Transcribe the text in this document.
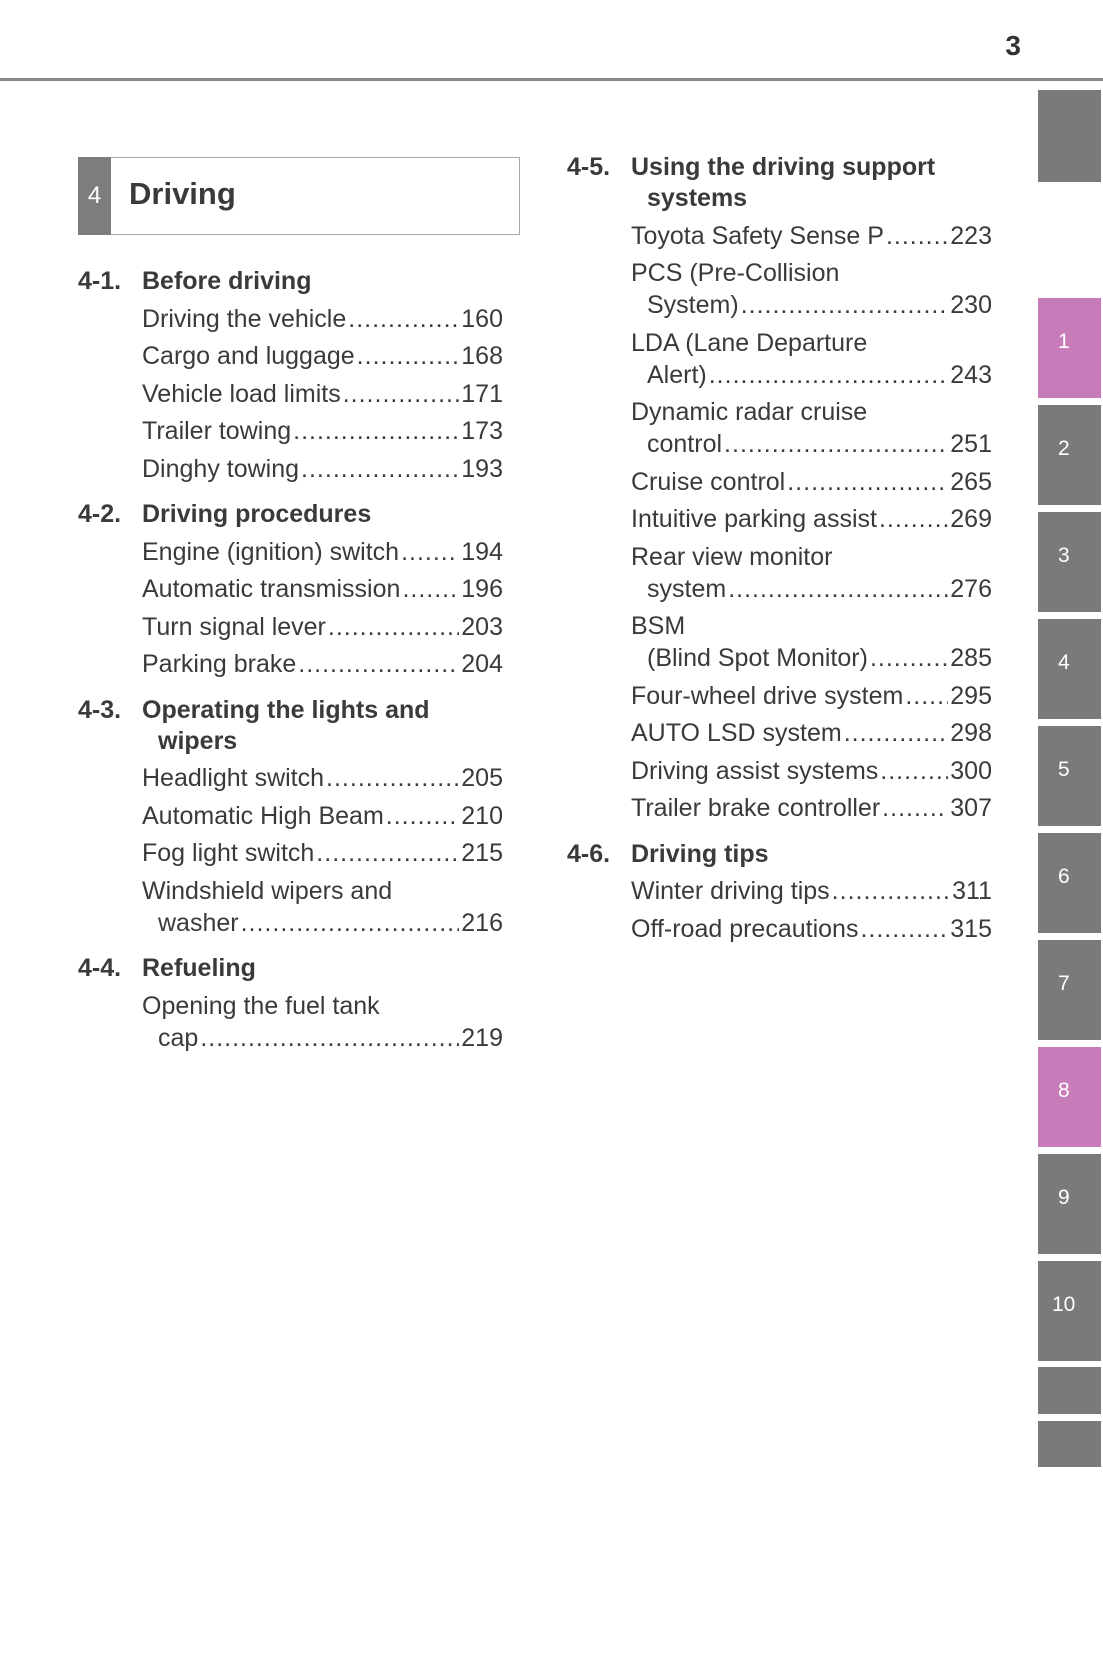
3
4 Driving
4-1. Before driving
Driving the vehicle .....	160
Cargo and luggage .....	168
Vehicle load limits .....	171
Trailer towing .....	173
Dinghy towing .....	193
4-2. Driving procedures
Engine (ignition) switch ..... 194
Automatic transmission ..... 196
Turn signal lever .....	203
Parking brake .....	204
4-3. Operating the lights and
wipers
Headlight switch .....	205
Automatic High Beam .....	210
Fog light switch .....	215
Windshield wipers and
washer .....	216
4-4. Refueling
Opening the fuel tank
cap .....	219
4-5. Using the driving support
systems
Toyota Safety Sense P .....	223
PCS (Pre-Collision
System) .....	230
LDA (Lane Departure
Alert) .....	243
Dynamic radar cruise
control .....	251
Cruise control .....	265
Intuitive parking assist .....	269
Rear view monitor
system .....	276
BSM
(Blind Spot Monitor) .....	285
Four-wheel drive system ..... 295
AUTO LSD system .....	298
Driving assist systems .....	300
Trailer brake controller .....	307
4-6. Driving tips
Winter driving tips .....	311
Off-road precautions .....	315
1
2
3
4
5
6
7
8
9
10
